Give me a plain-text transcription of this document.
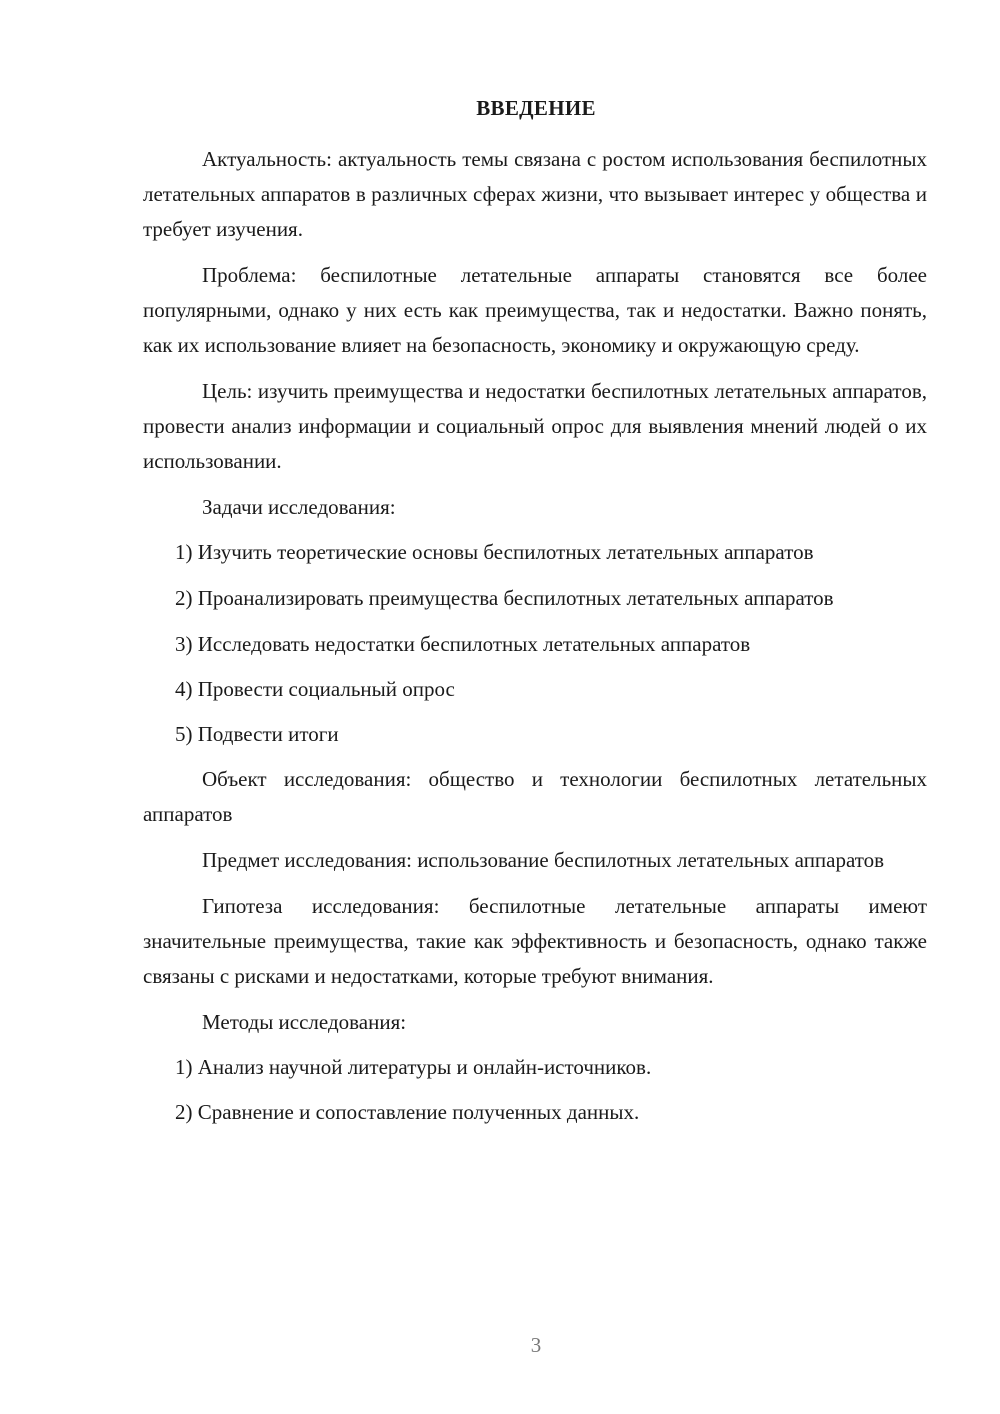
ВВЕДЕНИЕ

Актуальность: актуальность темы связана с ростом использования беспилотных летательных аппаратов в различных сферах жизни, что вызывает интерес у общества и требует изучения.

Проблема: беспилотные летательные аппараты становятся все более популярными, однако у них есть как преимущества, так и недостатки. Важно понять, как их использование влияет на безопасность, экономику и окружающую среду.

Цель: изучить преимущества и недостатки беспилотных летательных аппаратов, провести анализ информации и социальный опрос для выявления мнений людей о их использовании.

Задачи исследования:

1) Изучить теоретические основы беспилотных летательных аппаратов

2) Проанализировать преимущества беспилотных летательных аппаратов

3) Исследовать недостатки беспилотных летательных аппаратов

4) Провести социальный опрос

5) Подвести итоги

Объект исследования: общество и технологии беспилотных летательных аппаратов

Предмет исследования: использование беспилотных летательных аппаратов

Гипотеза исследования: беспилотные летательные аппараты имеют значительные преимущества, такие как эффективность и безопасность, однако также связаны с рисками и недостатками, которые требуют внимания.

Методы исследования:

1) Анализ научной литературы и онлайн-источников.

2) Сравнение и сопоставление полученных данных.

3
